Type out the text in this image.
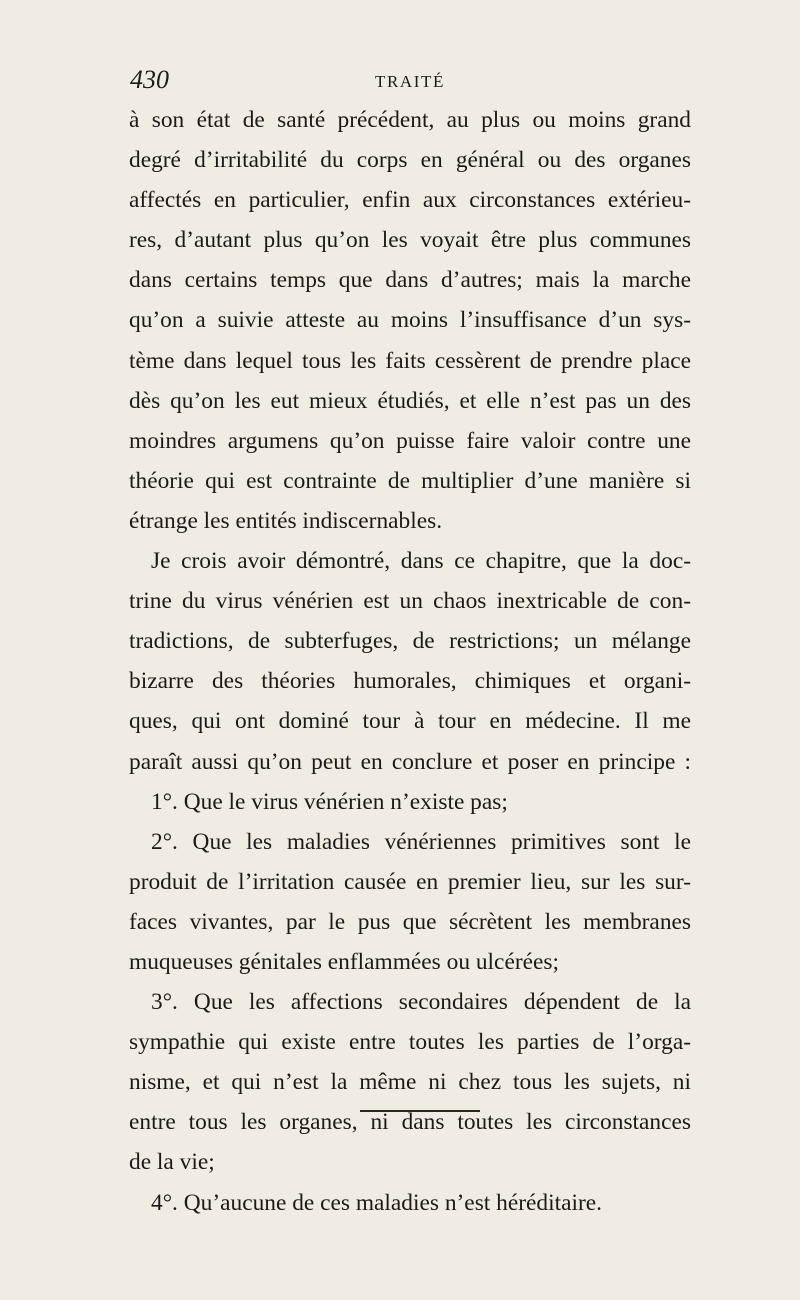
430	TRAITÉ
à son état de santé précédent, au plus ou moins grand
degré d’irritabilité du corps en général ou des organes
affectés en particulier, enfin aux circonstances extérieu-
res, d’autant plus qu’on les voyait être plus communes
dans certains temps que dans d’autres; mais la marche
qu’on a suivie atteste au moins l’insuffisance d’un sys-
tème dans lequel tous les faits cessèrent de prendre place
dès qu’on les eut mieux étudiés, et elle n’est pas un des
moindres argumens qu’on puisse faire valoir contre une
théorie qui est contrainte de multiplier d’une manière si
étrange les entités indiscernables.
Je crois avoir démontré, dans ce chapitre, que la doc-
trine du virus vénérien est un chaos inextricable de con-
tradictions, de subterfuges, de restrictions; un mélange
bizarre des théories humorales, chimiques et organi-
ques, qui ont dominé tour à tour en médecine. Il me
paraît aussi qu’on peut en conclure et poser en principe :
1°. Que le virus vénérien n’existe pas;
2°. Que les maladies vénériennes primitives sont le
produit de l’irritation causée en premier lieu, sur les sur-
faces vivantes, par le pus que sécrètent les membranes
muqueuses génitales enflammées ou ulcérées;
3°. Que les affections secondaires dépendent de la
sympathie qui existe entre toutes les parties de l’orga-
nisme, et qui n’est la même ni chez tous les sujets, ni
entre tous les organes, ni dans toutes les circonstances
de la vie;
4°. Qu’aucune de ces maladies n’est héréditaire.
